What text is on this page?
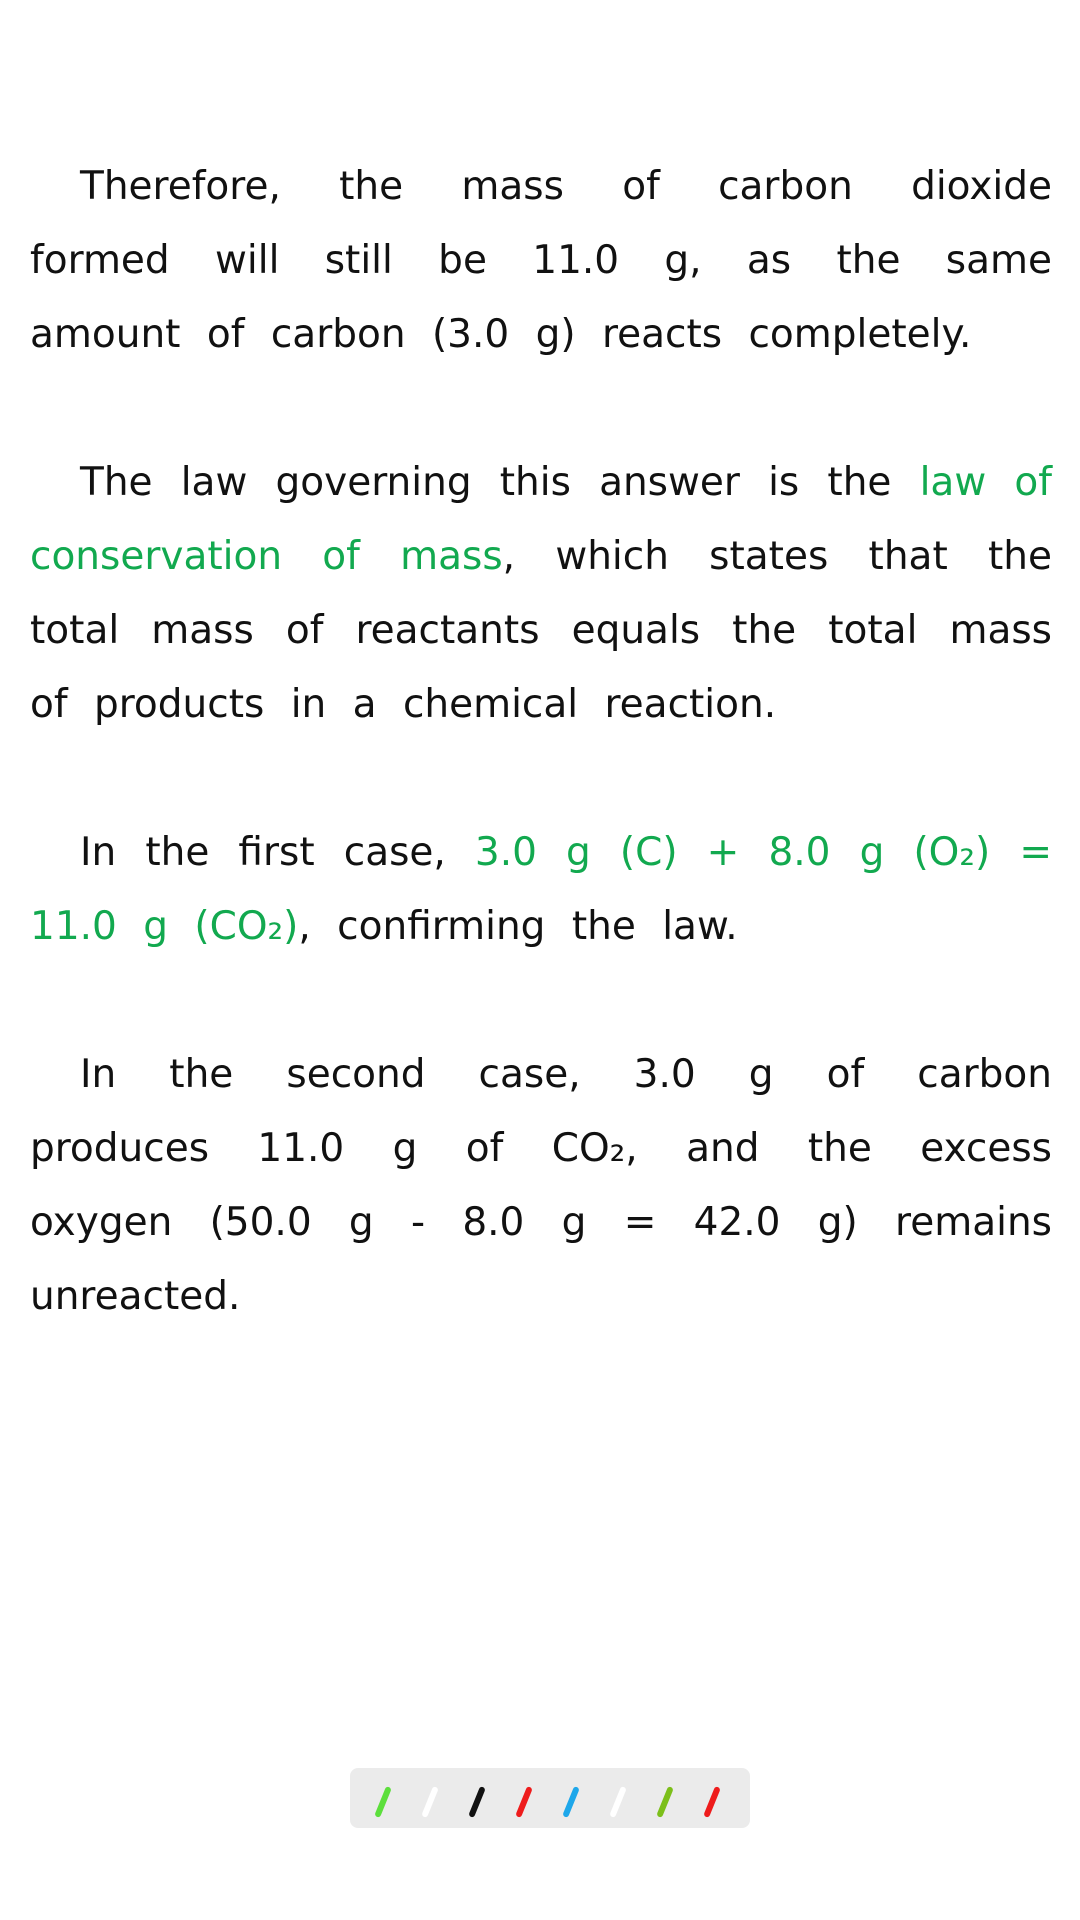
Therefore, the mass of carbon dioxide formed will still be 11.0 g, as the same amount of carbon (3.0 g) reacts completely.

The law governing this answer is the law of conservation of mass, which states that the total mass of reactants equals the total mass of products in a chemical reaction.

In the first case, 3.0 g (C) + 8.0 g (O₂) = 11.0 g (CO₂), confirming the law.

In the second case, 3.0 g of carbon produces 11.0 g of CO₂, and the excess oxygen (50.0 g - 8.0 g = 42.0 g) remains unreacted.
